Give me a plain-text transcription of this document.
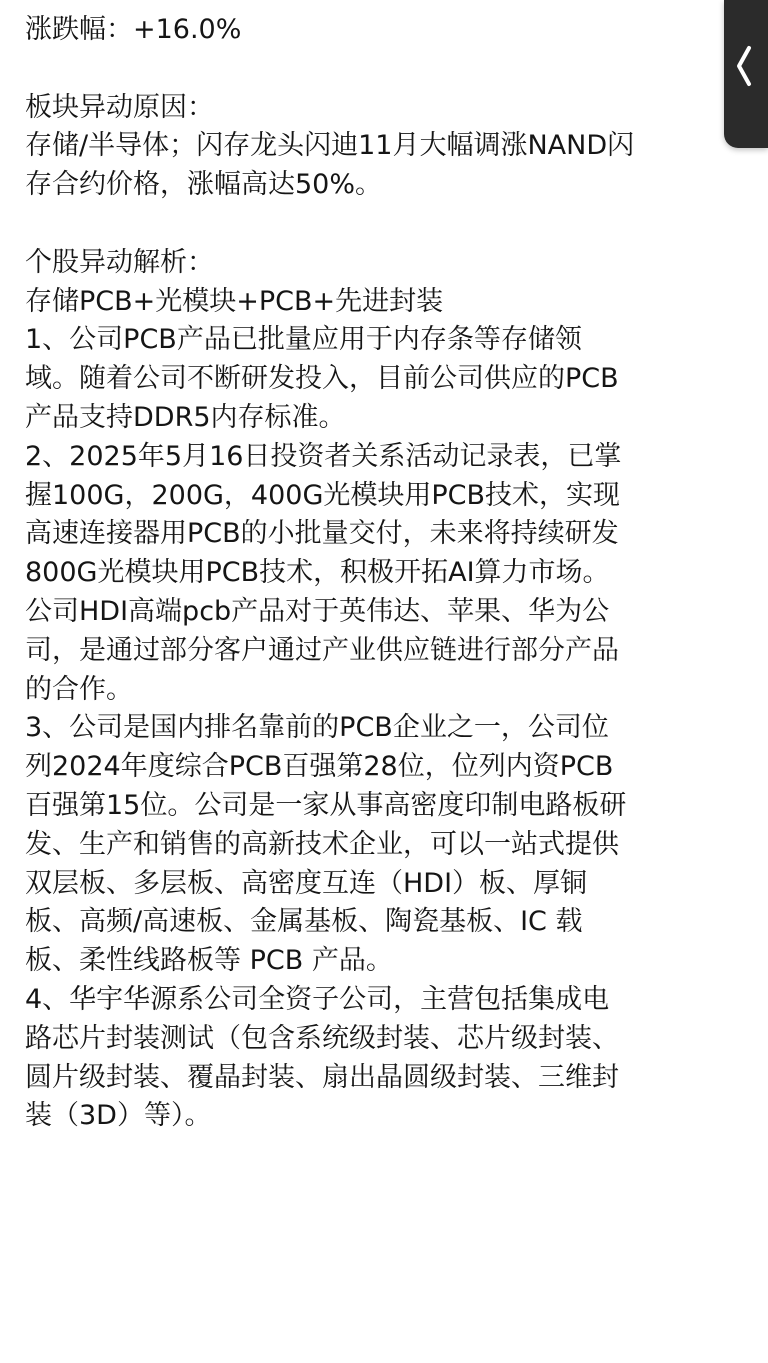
涨跌幅：+16.0%
板块异动原因：
存储/半导体；闪存龙头闪迪11月大幅调涨NAND闪
存合约价格，涨幅高达50%。
个股异动解析：
存储PCB+光模块+PCB+先进封装
1、公司PCB产品已批量应用于内存条等存储领
域。随着公司不断研发投入，目前公司供应的PCB
产品支持DDR5内存标准。
2、2025年5月16日投资者关系活动记录表，已掌
握100G，200G，400G光模块用PCB技术，实现
高速连接器用PCB的小批量交付，未来将持续研发
800G光模块用PCB技术，积极开拓AI算力市场。
公司HDI高端pcb产品对于英伟达、苹果、华为公
司，是通过部分客户通过产业供应链进行部分产品
的合作。
3、公司是国内排名靠前的PCB企业之一，公司位
列2024年度综合PCB百强第28位，位列内资PCB
百强第15位。公司是一家从事高密度印制电路板研
发、生产和销售的高新技术企业，可以一站式提供
双层板、多层板、高密度互连（HDI）板、厚铜
板、高频/高速板、金属基板、陶瓷基板、IC 载
板、柔性线路板等 PCB 产品。
4、华宇华源系公司全资子公司，主营包括集成电
路芯片封装测试（包含系统级封装、芯片级封装、
圆片级封装、覆晶封装、扇出晶圆级封装、三维封
装（3D）等）。
